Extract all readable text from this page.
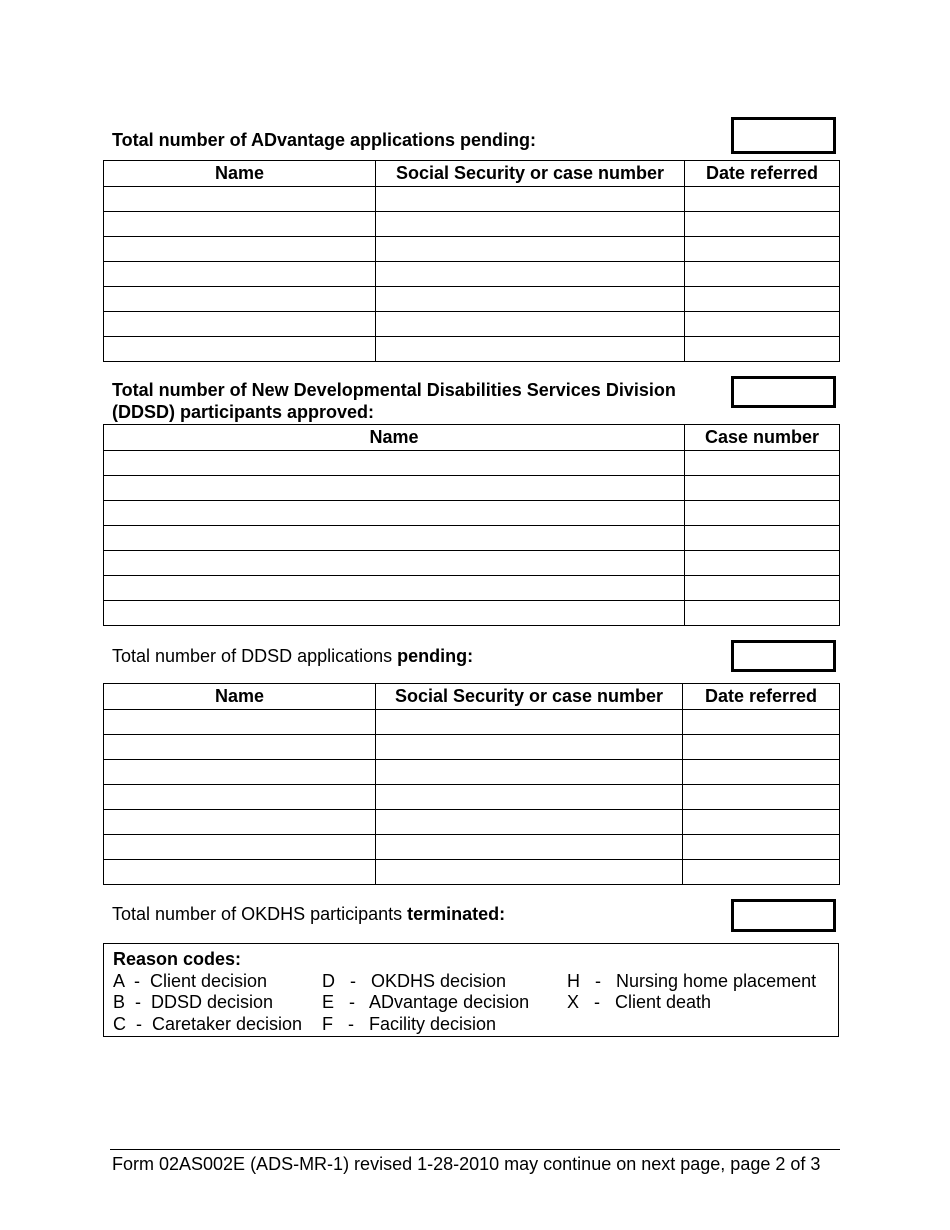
Total number of ADvantage applications pending:
Name	Social Security or case number	Date referred

Total number of New Developmental Disabilities Services Division
(DDSD) participants approved:
Name	Case number

Total number of DDSD applications pending:
Name	Social Security or case number	Date referred

Total number of OKDHS participants terminated:
Reason codes:
A  -  Client decision
B  -  DDSD decision
C  -  Caretaker decision
D   -   OKDHS decision
E   -   ADvantage decision
F   -   Facility decision
H   -   Nursing home placement
X   -   Client death
Form 02AS002E (ADS-MR-1) revised 1-28-2010 may continue on next page, page 2 of 3
